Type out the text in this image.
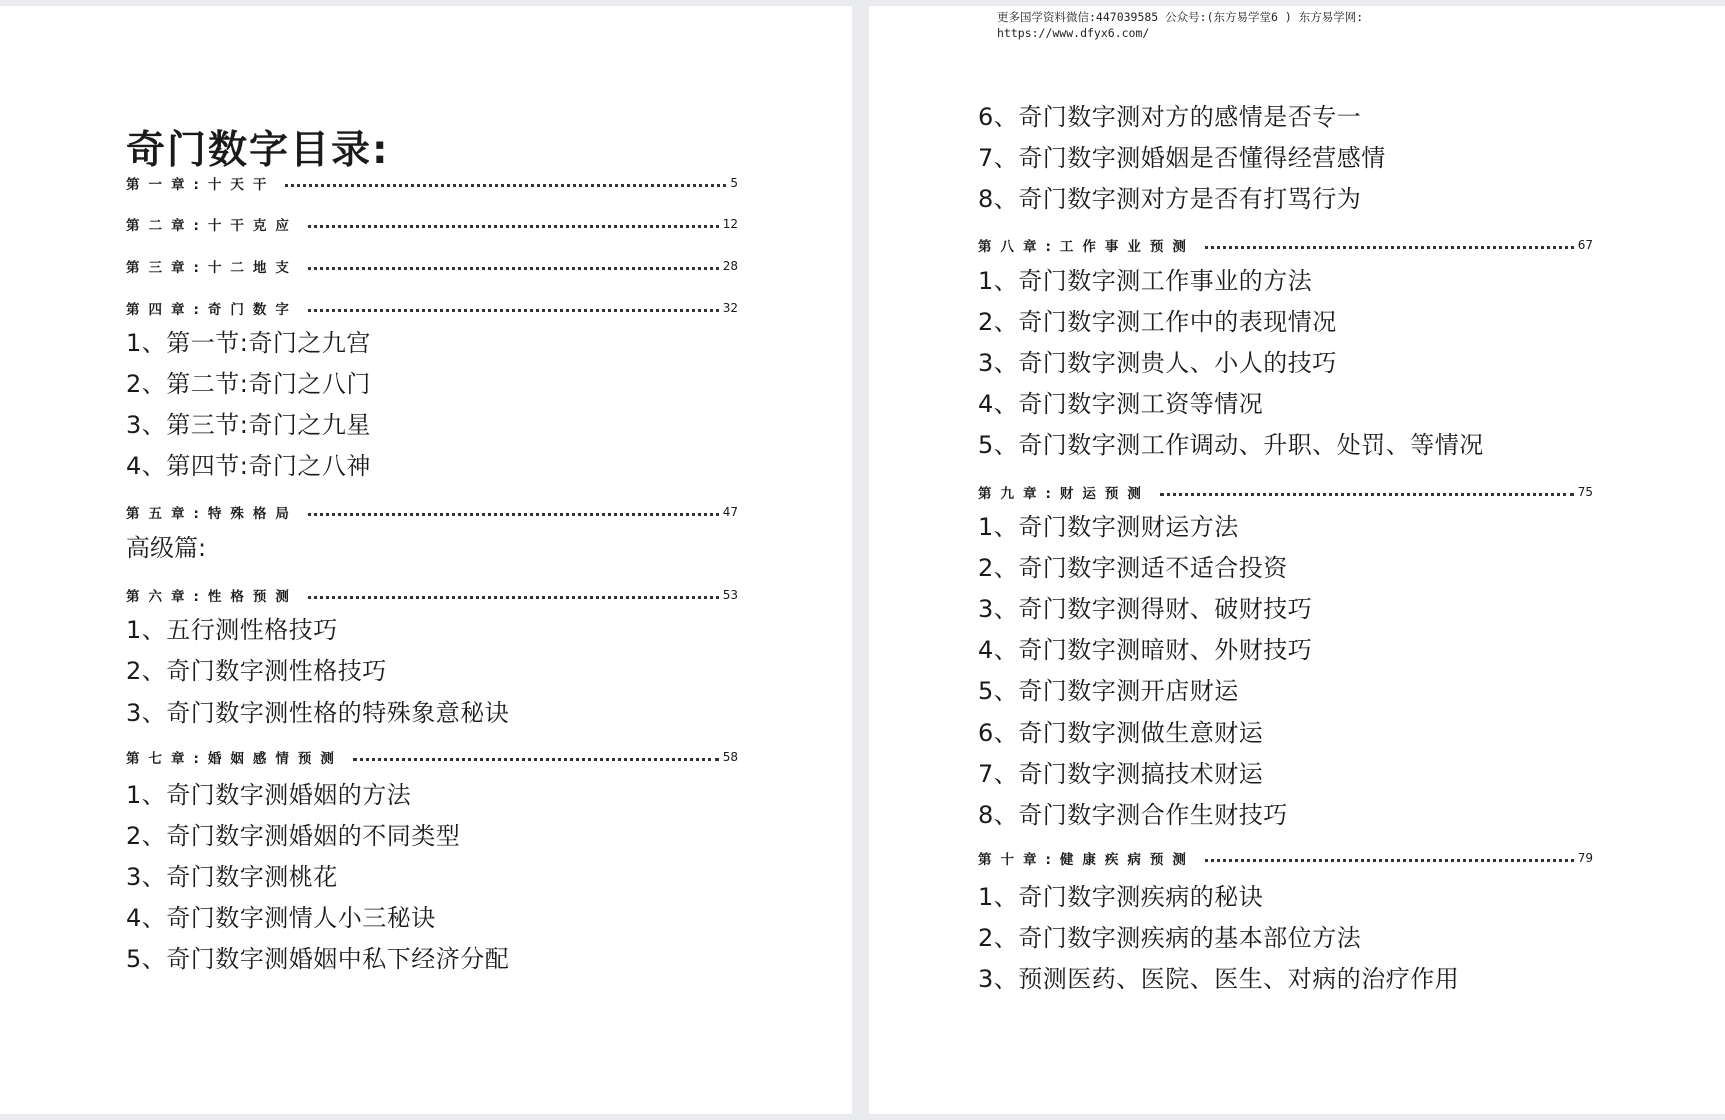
奇门数字目录:
第一章:十天干	5
第二章:十干克应	12
第三章:十二地支	28
第四章:奇门数字	32
1、第一节:奇门之九宫
2、第二节:奇门之八门
3、第三节:奇门之九星
4、第四节:奇门之八神
第五章:特殊格局	47
高级篇:
第六章:性格预测	53
1、五行测性格技巧
2、奇门数字测性格技巧
3、奇门数字测性格的特殊象意秘诀
第七章:婚姻感情预测	58
1、奇门数字测婚姻的方法
2、奇门数字测婚姻的不同类型
3、奇门数字测桃花
4、奇门数字测情人小三秘诀
5、奇门数字测婚姻中私下经济分配
更多国学资料微信:447039585 公众号:(东方易学堂6 ) 东方易学网:
https://www.dfyx6.com/
6、奇门数字测对方的感情是否专一
7、奇门数字测婚姻是否懂得经营感情
8、奇门数字测对方是否有打骂行为
第八章:工作事业预测	67
1、奇门数字测工作事业的方法
2、奇门数字测工作中的表现情况
3、奇门数字测贵人、小人的技巧
4、奇门数字测工资等情况
5、奇门数字测工作调动、升职、处罚、等情况
第九章:财运预测	75
1、奇门数字测财运方法
2、奇门数字测适不适合投资
3、奇门数字测得财、破财技巧
4、奇门数字测暗财、外财技巧
5、奇门数字测开店财运
6、奇门数字测做生意财运
7、奇门数字测搞技术财运
8、奇门数字测合作生财技巧
第十章:健康疾病预测	79
1、奇门数字测疾病的秘诀
2、奇门数字测疾病的基本部位方法
3、预测医药、医院、医生、对病的治疗作用
